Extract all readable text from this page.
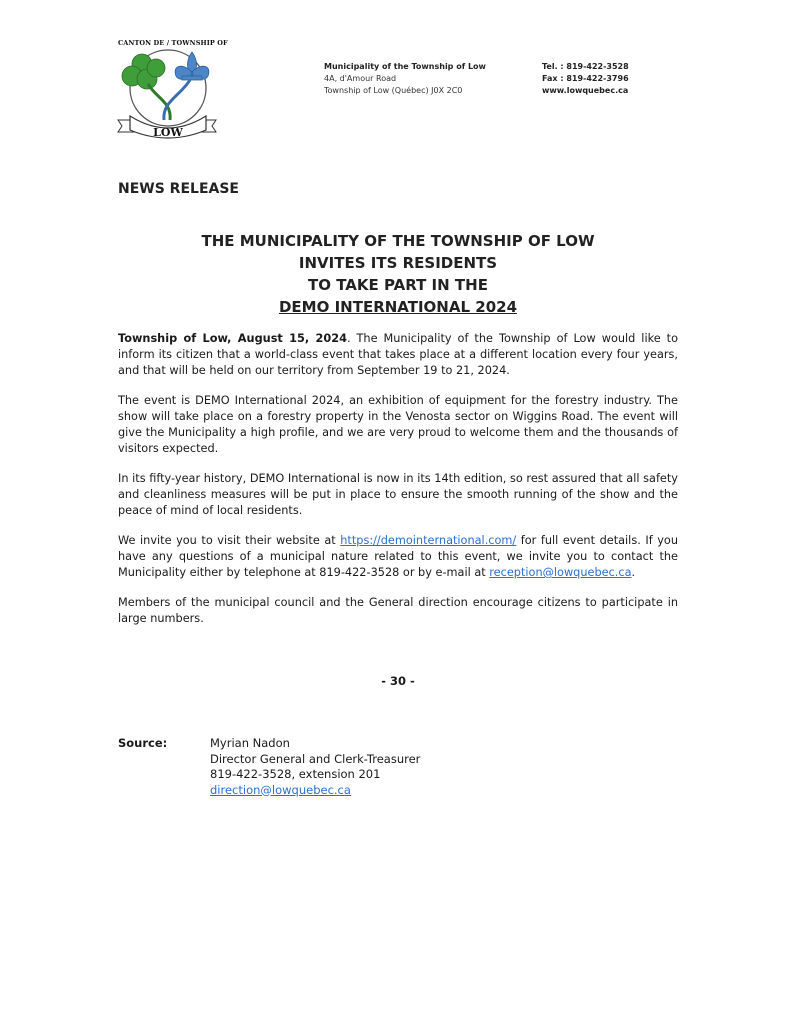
CANTON DE / TOWNSHIP OF
LOW
Municipality of the Township of Low
4A, d'Amour Road
Township of Low (Québec) J0X 2C0
Tel. : 819-422-3528
Fax : 819-422-3796
www.lowquebec.ca
NEWS RELEASE
THE MUNICIPALITY OF THE TOWNSHIP OF LOW
INVITES ITS RESIDENTS
TO TAKE PART IN THE
DEMO INTERNATIONAL 2024
Township of Low, August 15, 2024. The Municipality of the Township of Low would like to inform its citizen that a world-class event that takes place at a different location every four years, and that will be held on our territory from September 19 to 21, 2024.
The event is DEMO International 2024, an exhibition of equipment for the forestry industry. The show will take place on a forestry property in the Venosta sector on Wiggins Road. The event will give the Municipality a high profile, and we are very proud to welcome them and the thousands of visitors expected.
In its fifty-year history, DEMO International is now in its 14th edition, so rest assured that all safety and cleanliness measures will be put in place to ensure the smooth running of the show and the peace of mind of local residents.
We invite you to visit their website at https://demointernational.com/ for full event details. If you have any questions of a municipal nature related to this event, we invite you to contact the Municipality either by telephone at 819-422-3528 or by e-mail at reception@lowquebec.ca.
Members of the municipal council and the General direction encourage citizens to participate in large numbers.
- 30 -
Source:	Myrian Nadon
Director General and Clerk-Treasurer
819-422-3528, extension 201
direction@lowquebec.ca
